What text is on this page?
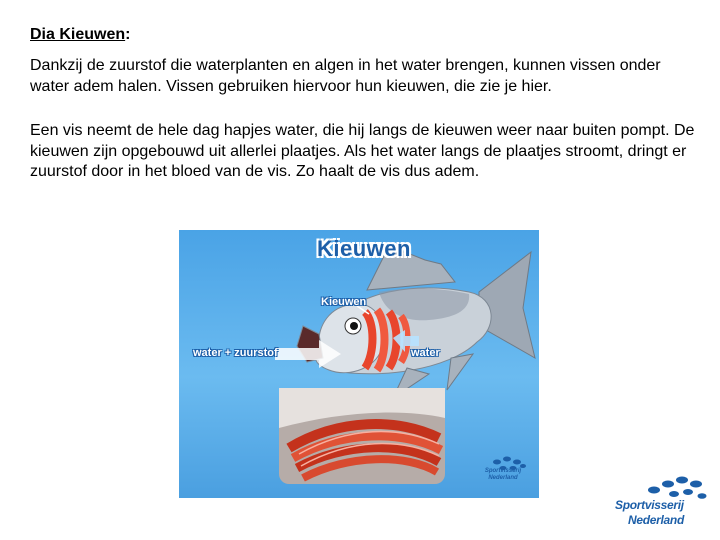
Dia Kieuwen:

Dankzij de zuurstof die waterplanten en algen in het water brengen, kunnen vissen onder water adem halen. Vissen gebruiken hiervoor hun kieuwen, die zie je hier.

Een vis neemt de hele dag hapjes water, die hij langs de kieuwen weer naar buiten pompt. De kieuwen zijn opgebouwd uit allerlei plaatjes. Als het water langs de plaatjes stroomt, dringt er zuurstof door in het bloed van de vis. Zo haalt de vis dus adem.

Kieuwen
Kieuwen
water + zuurstof	water
Sportvisserij
Nederland
Sportvisserij
Nederland
